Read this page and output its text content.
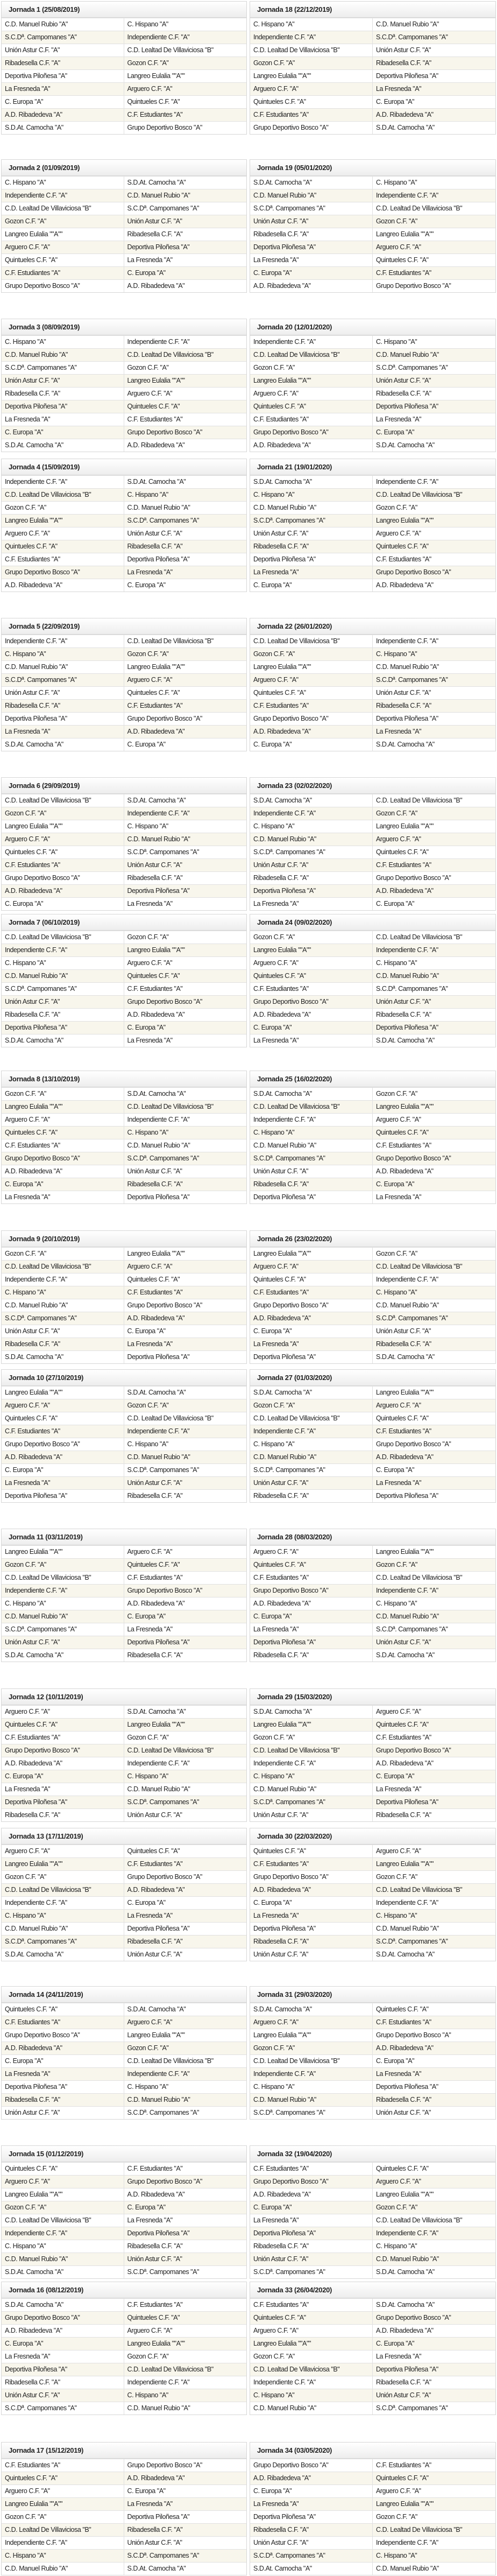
Jornada 1 (25/08/2019)
C.D. Manuel Rubio "A"	C. Hispano "A"
S.C.Dª. Campomanes "A"	Independiente C.F. "A"
Unión Astur C.F. "A"	C.D. Lealtad De Villaviciosa "B"
Ribadesella C.F. "A"	Gozon C.F. "A"
Deportiva Piloñesa "A"	Langreo Eulalia ""A""
La Fresneda "A"	Arguero C.F. "A"
C. Europa "A"	Quintueles C.F. "A"
A.D. Ribadedeva "A"	C.F. Estudiantes "A"
S.D.At. Camocha "A"	Grupo Deportivo Bosco "A"
Jornada 2 (01/09/2019)
C. Hispano "A"	S.D.At. Camocha "A"
Independiente C.F. "A"	C.D. Manuel Rubio "A"
C.D. Lealtad De Villaviciosa "B"	S.C.Dª. Campomanes "A"
Gozon C.F. "A"	Unión Astur C.F. "A"
Langreo Eulalia ""A""	Ribadesella C.F. "A"
Arguero C.F. "A"	Deportiva Piloñesa "A"
Quintueles C.F. "A"	La Fresneda "A"
C.F. Estudiantes "A"	C. Europa "A"
Grupo Deportivo Bosco "A"	A.D. Ribadedeva "A"
Jornada 3 (08/09/2019)
C. Hispano "A"	Independiente C.F. "A"
C.D. Manuel Rubio "A"	C.D. Lealtad De Villaviciosa "B"
S.C.Dª. Campomanes "A"	Gozon C.F. "A"
Unión Astur C.F. "A"	Langreo Eulalia ""A""
Ribadesella C.F. "A"	Arguero C.F. "A"
Deportiva Piloñesa "A"	Quintueles C.F. "A"
La Fresneda "A"	C.F. Estudiantes "A"
C. Europa "A"	Grupo Deportivo Bosco "A"
S.D.At. Camocha "A"	A.D. Ribadedeva "A"
Jornada 4 (15/09/2019)
Independiente C.F. "A"	S.D.At. Camocha "A"
C.D. Lealtad De Villaviciosa "B"	C. Hispano "A"
Gozon C.F. "A"	C.D. Manuel Rubio "A"
Langreo Eulalia ""A""	S.C.Dª. Campomanes "A"
Arguero C.F. "A"	Unión Astur C.F. "A"
Quintueles C.F. "A"	Ribadesella C.F. "A"
C.F. Estudiantes "A"	Deportiva Piloñesa "A"
Grupo Deportivo Bosco "A"	La Fresneda "A"
A.D. Ribadedeva "A"	C. Europa "A"
Jornada 5 (22/09/2019)
Independiente C.F. "A"	C.D. Lealtad De Villaviciosa "B"
C. Hispano "A"	Gozon C.F. "A"
C.D. Manuel Rubio "A"	Langreo Eulalia ""A""
S.C.Dª. Campomanes "A"	Arguero C.F. "A"
Unión Astur C.F. "A"	Quintueles C.F. "A"
Ribadesella C.F. "A"	C.F. Estudiantes "A"
Deportiva Piloñesa "A"	Grupo Deportivo Bosco "A"
La Fresneda "A"	A.D. Ribadedeva "A"
S.D.At. Camocha "A"	C. Europa "A"
Jornada 6 (29/09/2019)
C.D. Lealtad De Villaviciosa "B"	S.D.At. Camocha "A"
Gozon C.F. "A"	Independiente C.F. "A"
Langreo Eulalia ""A""	C. Hispano "A"
Arguero C.F. "A"	C.D. Manuel Rubio "A"
Quintueles C.F. "A"	S.C.Dª. Campomanes "A"
C.F. Estudiantes "A"	Unión Astur C.F. "A"
Grupo Deportivo Bosco "A"	Ribadesella C.F. "A"
A.D. Ribadedeva "A"	Deportiva Piloñesa "A"
C. Europa "A"	La Fresneda "A"
Jornada 7 (06/10/2019)
C.D. Lealtad De Villaviciosa "B"	Gozon C.F. "A"
Independiente C.F. "A"	Langreo Eulalia ""A""
C. Hispano "A"	Arguero C.F. "A"
C.D. Manuel Rubio "A"	Quintueles C.F. "A"
S.C.Dª. Campomanes "A"	C.F. Estudiantes "A"
Unión Astur C.F. "A"	Grupo Deportivo Bosco "A"
Ribadesella C.F. "A"	A.D. Ribadedeva "A"
Deportiva Piloñesa "A"	C. Europa "A"
S.D.At. Camocha "A"	La Fresneda "A"
Jornada 8 (13/10/2019)
Gozon C.F. "A"	S.D.At. Camocha "A"
Langreo Eulalia ""A""	C.D. Lealtad De Villaviciosa "B"
Arguero C.F. "A"	Independiente C.F. "A"
Quintueles C.F. "A"	C. Hispano "A"
C.F. Estudiantes "A"	C.D. Manuel Rubio "A"
Grupo Deportivo Bosco "A"	S.C.Dª. Campomanes "A"
A.D. Ribadedeva "A"	Unión Astur C.F. "A"
C. Europa "A"	Ribadesella C.F. "A"
La Fresneda "A"	Deportiva Piloñesa "A"
Jornada 9 (20/10/2019)
Gozon C.F. "A"	Langreo Eulalia ""A""
C.D. Lealtad De Villaviciosa "B"	Arguero C.F. "A"
Independiente C.F. "A"	Quintueles C.F. "A"
C. Hispano "A"	C.F. Estudiantes "A"
C.D. Manuel Rubio "A"	Grupo Deportivo Bosco "A"
S.C.Dª. Campomanes "A"	A.D. Ribadedeva "A"
Unión Astur C.F. "A"	C. Europa "A"
Ribadesella C.F. "A"	La Fresneda "A"
S.D.At. Camocha "A"	Deportiva Piloñesa "A"
Jornada 10 (27/10/2019)
Langreo Eulalia ""A""	S.D.At. Camocha "A"
Arguero C.F. "A"	Gozon C.F. "A"
Quintueles C.F. "A"	C.D. Lealtad De Villaviciosa "B"
C.F. Estudiantes "A"	Independiente C.F. "A"
Grupo Deportivo Bosco "A"	C. Hispano "A"
A.D. Ribadedeva "A"	C.D. Manuel Rubio "A"
C. Europa "A"	S.C.Dª. Campomanes "A"
La Fresneda "A"	Unión Astur C.F. "A"
Deportiva Piloñesa "A"	Ribadesella C.F. "A"
Jornada 11 (03/11/2019)
Langreo Eulalia ""A""	Arguero C.F. "A"
Gozon C.F. "A"	Quintueles C.F. "A"
C.D. Lealtad De Villaviciosa "B"	C.F. Estudiantes "A"
Independiente C.F. "A"	Grupo Deportivo Bosco "A"
C. Hispano "A"	A.D. Ribadedeva "A"
C.D. Manuel Rubio "A"	C. Europa "A"
S.C.Dª. Campomanes "A"	La Fresneda "A"
Unión Astur C.F. "A"	Deportiva Piloñesa "A"
S.D.At. Camocha "A"	Ribadesella C.F. "A"
Jornada 12 (10/11/2019)
Arguero C.F. "A"	S.D.At. Camocha "A"
Quintueles C.F. "A"	Langreo Eulalia ""A""
C.F. Estudiantes "A"	Gozon C.F. "A"
Grupo Deportivo Bosco "A"	C.D. Lealtad De Villaviciosa "B"
A.D. Ribadedeva "A"	Independiente C.F. "A"
C. Europa "A"	C. Hispano "A"
La Fresneda "A"	C.D. Manuel Rubio "A"
Deportiva Piloñesa "A"	S.C.Dª. Campomanes "A"
Ribadesella C.F. "A"	Unión Astur C.F. "A"
Jornada 13 (17/11/2019)
Arguero C.F. "A"	Quintueles C.F. "A"
Langreo Eulalia ""A""	C.F. Estudiantes "A"
Gozon C.F. "A"	Grupo Deportivo Bosco "A"
C.D. Lealtad De Villaviciosa "B"	A.D. Ribadedeva "A"
Independiente C.F. "A"	C. Europa "A"
C. Hispano "A"	La Fresneda "A"
C.D. Manuel Rubio "A"	Deportiva Piloñesa "A"
S.C.Dª. Campomanes "A"	Ribadesella C.F. "A"
S.D.At. Camocha "A"	Unión Astur C.F. "A"
Jornada 14 (24/11/2019)
Quintueles C.F. "A"	S.D.At. Camocha "A"
C.F. Estudiantes "A"	Arguero C.F. "A"
Grupo Deportivo Bosco "A"	Langreo Eulalia ""A""
A.D. Ribadedeva "A"	Gozon C.F. "A"
C. Europa "A"	C.D. Lealtad De Villaviciosa "B"
La Fresneda "A"	Independiente C.F. "A"
Deportiva Piloñesa "A"	C. Hispano "A"
Ribadesella C.F. "A"	C.D. Manuel Rubio "A"
Unión Astur C.F. "A"	S.C.Dª. Campomanes "A"
Jornada 15 (01/12/2019)
Quintueles C.F. "A"	C.F. Estudiantes "A"
Arguero C.F. "A"	Grupo Deportivo Bosco "A"
Langreo Eulalia ""A""	A.D. Ribadedeva "A"
Gozon C.F. "A"	C. Europa "A"
C.D. Lealtad De Villaviciosa "B"	La Fresneda "A"
Independiente C.F. "A"	Deportiva Piloñesa "A"
C. Hispano "A"	Ribadesella C.F. "A"
C.D. Manuel Rubio "A"	Unión Astur C.F. "A"
S.D.At. Camocha "A"	S.C.Dª. Campomanes "A"
Jornada 16 (08/12/2019)
S.D.At. Camocha "A"	C.F. Estudiantes "A"
Grupo Deportivo Bosco "A"	Quintueles C.F. "A"
A.D. Ribadedeva "A"	Arguero C.F. "A"
C. Europa "A"	Langreo Eulalia ""A""
La Fresneda "A"	Gozon C.F. "A"
Deportiva Piloñesa "A"	C.D. Lealtad De Villaviciosa "B"
Ribadesella C.F. "A"	Independiente C.F. "A"
Unión Astur C.F. "A"	C. Hispano "A"
S.C.Dª. Campomanes "A"	C.D. Manuel Rubio "A"
Jornada 17 (15/12/2019)
C.F. Estudiantes "A"	Grupo Deportivo Bosco "A"
Quintueles C.F. "A"	A.D. Ribadedeva "A"
Arguero C.F. "A"	C. Europa "A"
Langreo Eulalia ""A""	La Fresneda "A"
Gozon C.F. "A"	Deportiva Piloñesa "A"
C.D. Lealtad De Villaviciosa "B"	Ribadesella C.F. "A"
Independiente C.F. "A"	Unión Astur C.F. "A"
C. Hispano "A"	S.C.Dª. Campomanes "A"
C.D. Manuel Rubio "A"	S.D.At. Camocha "A"
Jornada 18 (22/12/2019)
C. Hispano "A"	C.D. Manuel Rubio "A"
Independiente C.F. "A"	S.C.Dª. Campomanes "A"
C.D. Lealtad De Villaviciosa "B"	Unión Astur C.F. "A"
Gozon C.F. "A"	Ribadesella C.F. "A"
Langreo Eulalia ""A""	Deportiva Piloñesa "A"
Arguero C.F. "A"	La Fresneda "A"
Quintueles C.F. "A"	C. Europa "A"
C.F. Estudiantes "A"	A.D. Ribadedeva "A"
Grupo Deportivo Bosco "A"	S.D.At. Camocha "A"
Jornada 19 (05/01/2020)
S.D.At. Camocha "A"	C. Hispano "A"
C.D. Manuel Rubio "A"	Independiente C.F. "A"
S.C.Dª. Campomanes "A"	C.D. Lealtad De Villaviciosa "B"
Unión Astur C.F. "A"	Gozon C.F. "A"
Ribadesella C.F. "A"	Langreo Eulalia ""A""
Deportiva Piloñesa "A"	Arguero C.F. "A"
La Fresneda "A"	Quintueles C.F. "A"
C. Europa "A"	C.F. Estudiantes "A"
A.D. Ribadedeva "A"	Grupo Deportivo Bosco "A"
Jornada 20 (12/01/2020)
Independiente C.F. "A"	C. Hispano "A"
C.D. Lealtad De Villaviciosa "B"	C.D. Manuel Rubio "A"
Gozon C.F. "A"	S.C.Dª. Campomanes "A"
Langreo Eulalia ""A""	Unión Astur C.F. "A"
Arguero C.F. "A"	Ribadesella C.F. "A"
Quintueles C.F. "A"	Deportiva Piloñesa "A"
C.F. Estudiantes "A"	La Fresneda "A"
Grupo Deportivo Bosco "A"	C. Europa "A"
A.D. Ribadedeva "A"	S.D.At. Camocha "A"
Jornada 21 (19/01/2020)
S.D.At. Camocha "A"	Independiente C.F. "A"
C. Hispano "A"	C.D. Lealtad De Villaviciosa "B"
C.D. Manuel Rubio "A"	Gozon C.F. "A"
S.C.Dª. Campomanes "A"	Langreo Eulalia ""A""
Unión Astur C.F. "A"	Arguero C.F. "A"
Ribadesella C.F. "A"	Quintueles C.F. "A"
Deportiva Piloñesa "A"	C.F. Estudiantes "A"
La Fresneda "A"	Grupo Deportivo Bosco "A"
C. Europa "A"	A.D. Ribadedeva "A"
Jornada 22 (26/01/2020)
C.D. Lealtad De Villaviciosa "B"	Independiente C.F. "A"
Gozon C.F. "A"	C. Hispano "A"
Langreo Eulalia ""A""	C.D. Manuel Rubio "A"
Arguero C.F. "A"	S.C.Dª. Campomanes "A"
Quintueles C.F. "A"	Unión Astur C.F. "A"
C.F. Estudiantes "A"	Ribadesella C.F. "A"
Grupo Deportivo Bosco "A"	Deportiva Piloñesa "A"
A.D. Ribadedeva "A"	La Fresneda "A"
C. Europa "A"	S.D.At. Camocha "A"
Jornada 23 (02/02/2020)
S.D.At. Camocha "A"	C.D. Lealtad De Villaviciosa "B"
Independiente C.F. "A"	Gozon C.F. "A"
C. Hispano "A"	Langreo Eulalia ""A""
C.D. Manuel Rubio "A"	Arguero C.F. "A"
S.C.Dª. Campomanes "A"	Quintueles C.F. "A"
Unión Astur C.F. "A"	C.F. Estudiantes "A"
Ribadesella C.F. "A"	Grupo Deportivo Bosco "A"
Deportiva Piloñesa "A"	A.D. Ribadedeva "A"
La Fresneda "A"	C. Europa "A"
Jornada 24 (09/02/2020)
Gozon C.F. "A"	C.D. Lealtad De Villaviciosa "B"
Langreo Eulalia ""A""	Independiente C.F. "A"
Arguero C.F. "A"	C. Hispano "A"
Quintueles C.F. "A"	C.D. Manuel Rubio "A"
C.F. Estudiantes "A"	S.C.Dª. Campomanes "A"
Grupo Deportivo Bosco "A"	Unión Astur C.F. "A"
A.D. Ribadedeva "A"	Ribadesella C.F. "A"
C. Europa "A"	Deportiva Piloñesa "A"
La Fresneda "A"	S.D.At. Camocha "A"
Jornada 25 (16/02/2020)
S.D.At. Camocha "A"	Gozon C.F. "A"
C.D. Lealtad De Villaviciosa "B"	Langreo Eulalia ""A""
Independiente C.F. "A"	Arguero C.F. "A"
C. Hispano "A"	Quintueles C.F. "A"
C.D. Manuel Rubio "A"	C.F. Estudiantes "A"
S.C.Dª. Campomanes "A"	Grupo Deportivo Bosco "A"
Unión Astur C.F. "A"	A.D. Ribadedeva "A"
Ribadesella C.F. "A"	C. Europa "A"
Deportiva Piloñesa "A"	La Fresneda "A"
Jornada 26 (23/02/2020)
Langreo Eulalia ""A""	Gozon C.F. "A"
Arguero C.F. "A"	C.D. Lealtad De Villaviciosa "B"
Quintueles C.F. "A"	Independiente C.F. "A"
C.F. Estudiantes "A"	C. Hispano "A"
Grupo Deportivo Bosco "A"	C.D. Manuel Rubio "A"
A.D. Ribadedeva "A"	S.C.Dª. Campomanes "A"
C. Europa "A"	Unión Astur C.F. "A"
La Fresneda "A"	Ribadesella C.F. "A"
Deportiva Piloñesa "A"	S.D.At. Camocha "A"
Jornada 27 (01/03/2020)
S.D.At. Camocha "A"	Langreo Eulalia ""A""
Gozon C.F. "A"	Arguero C.F. "A"
C.D. Lealtad De Villaviciosa "B"	Quintueles C.F. "A"
Independiente C.F. "A"	C.F. Estudiantes "A"
C. Hispano "A"	Grupo Deportivo Bosco "A"
C.D. Manuel Rubio "A"	A.D. Ribadedeva "A"
S.C.Dª. Campomanes "A"	C. Europa "A"
Unión Astur C.F. "A"	La Fresneda "A"
Ribadesella C.F. "A"	Deportiva Piloñesa "A"
Jornada 28 (08/03/2020)
Arguero C.F. "A"	Langreo Eulalia ""A""
Quintueles C.F. "A"	Gozon C.F. "A"
C.F. Estudiantes "A"	C.D. Lealtad De Villaviciosa "B"
Grupo Deportivo Bosco "A"	Independiente C.F. "A"
A.D. Ribadedeva "A"	C. Hispano "A"
C. Europa "A"	C.D. Manuel Rubio "A"
La Fresneda "A"	S.C.Dª. Campomanes "A"
Deportiva Piloñesa "A"	Unión Astur C.F. "A"
Ribadesella C.F. "A"	S.D.At. Camocha "A"
Jornada 29 (15/03/2020)
S.D.At. Camocha "A"	Arguero C.F. "A"
Langreo Eulalia ""A""	Quintueles C.F. "A"
Gozon C.F. "A"	C.F. Estudiantes "A"
C.D. Lealtad De Villaviciosa "B"	Grupo Deportivo Bosco "A"
Independiente C.F. "A"	A.D. Ribadedeva "A"
C. Hispano "A"	C. Europa "A"
C.D. Manuel Rubio "A"	La Fresneda "A"
S.C.Dª. Campomanes "A"	Deportiva Piloñesa "A"
Unión Astur C.F. "A"	Ribadesella C.F. "A"
Jornada 30 (22/03/2020)
Quintueles C.F. "A"	Arguero C.F. "A"
C.F. Estudiantes "A"	Langreo Eulalia ""A""
Grupo Deportivo Bosco "A"	Gozon C.F. "A"
A.D. Ribadedeva "A"	C.D. Lealtad De Villaviciosa "B"
C. Europa "A"	Independiente C.F. "A"
La Fresneda "A"	C. Hispano "A"
Deportiva Piloñesa "A"	C.D. Manuel Rubio "A"
Ribadesella C.F. "A"	S.C.Dª. Campomanes "A"
Unión Astur C.F. "A"	S.D.At. Camocha "A"
Jornada 31 (29/03/2020)
S.D.At. Camocha "A"	Quintueles C.F. "A"
Arguero C.F. "A"	C.F. Estudiantes "A"
Langreo Eulalia ""A""	Grupo Deportivo Bosco "A"
Gozon C.F. "A"	A.D. Ribadedeva "A"
C.D. Lealtad De Villaviciosa "B"	C. Europa "A"
Independiente C.F. "A"	La Fresneda "A"
C. Hispano "A"	Deportiva Piloñesa "A"
C.D. Manuel Rubio "A"	Ribadesella C.F. "A"
S.C.Dª. Campomanes "A"	Unión Astur C.F. "A"
Jornada 32 (19/04/2020)
C.F. Estudiantes "A"	Quintueles C.F. "A"
Grupo Deportivo Bosco "A"	Arguero C.F. "A"
A.D. Ribadedeva "A"	Langreo Eulalia ""A""
C. Europa "A"	Gozon C.F. "A"
La Fresneda "A"	C.D. Lealtad De Villaviciosa "B"
Deportiva Piloñesa "A"	Independiente C.F. "A"
Ribadesella C.F. "A"	C. Hispano "A"
Unión Astur C.F. "A"	C.D. Manuel Rubio "A"
S.C.Dª. Campomanes "A"	S.D.At. Camocha "A"
Jornada 33 (26/04/2020)
C.F. Estudiantes "A"	S.D.At. Camocha "A"
Quintueles C.F. "A"	Grupo Deportivo Bosco "A"
Arguero C.F. "A"	A.D. Ribadedeva "A"
Langreo Eulalia ""A""	C. Europa "A"
Gozon C.F. "A"	La Fresneda "A"
C.D. Lealtad De Villaviciosa "B"	Deportiva Piloñesa "A"
Independiente C.F. "A"	Ribadesella C.F. "A"
C. Hispano "A"	Unión Astur C.F. "A"
C.D. Manuel Rubio "A"	S.C.Dª. Campomanes "A"
Jornada 34 (03/05/2020)
Grupo Deportivo Bosco "A"	C.F. Estudiantes "A"
A.D. Ribadedeva "A"	Quintueles C.F. "A"
C. Europa "A"	Arguero C.F. "A"
La Fresneda "A"	Langreo Eulalia ""A""
Deportiva Piloñesa "A"	Gozon C.F. "A"
Ribadesella C.F. "A"	C.D. Lealtad De Villaviciosa "B"
Unión Astur C.F. "A"	Independiente C.F. "A"
S.C.Dª. Campomanes "A"	C. Hispano "A"
S.D.At. Camocha "A"	C.D. Manuel Rubio "A"
